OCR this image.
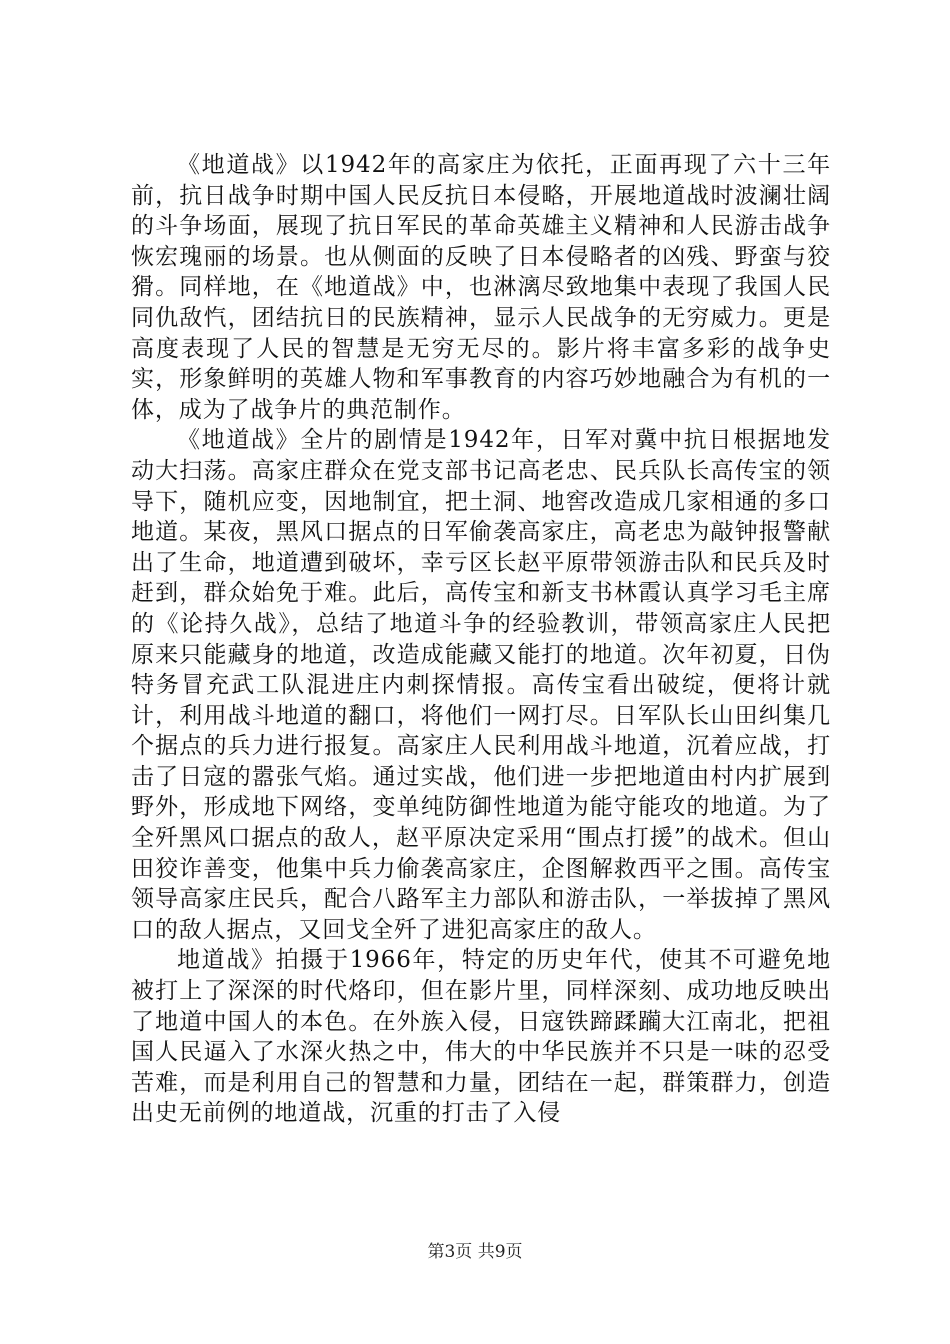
《地道战》以1942年的高家庄为依托，正面再现了六十三年前，抗日战争时期中国人民反抗日本侵略，开展地道战时波澜壮阔的斗争场面，展现了抗日军民的革命英雄主义精神和人民游击战争恢宏瑰丽的场景。也从侧面的反映了日本侵略者的凶残、野蛮与狡猾。同样地，在《地道战》中，也淋漓尽致地集中表现了我国人民同仇敌忾，团结抗日的民族精神，显示人民战争的无穷威力。更是高度表现了人民的智慧是无穷无尽的。影片将丰富多彩的战争史实，形象鲜明的英雄人物和军事教育的内容巧妙地融合为有机的一体，成为了战争片的典范制作。

《地道战》全片的剧情是1942年，日军对冀中抗日根据地发动大扫荡。高家庄群众在党支部书记高老忠、民兵队长高传宝的领导下，随机应变，因地制宜，把土洞、地窖改造成几家相通的多口地道。某夜，黑风口据点的日军偷袭高家庄，高老忠为敲钟报警献出了生命，地道遭到破坏，幸亏区长赵平原带领游击队和民兵及时赶到，群众始免于难。此后，高传宝和新支书林霞认真学习毛主席的《论持久战》，总结了地道斗争的经验教训，带领高家庄人民把原来只能藏身的地道，改造成能藏又能打的地道。次年初夏，日伪特务冒充武工队混进庄内刺探情报。高传宝看出破绽，便将计就计，利用战斗地道的翻口，将他们一网打尽。日军队长山田纠集几个据点的兵力进行报复。高家庄人民利用战斗地道，沉着应战，打击了日寇的嚣张气焰。通过实战，他们进一步把地道由村内扩展到野外，形成地下网络，变单纯防御性地道为能守能攻的地道。为了全歼黑风口据点的敌人，赵平原决定采用“围点打援”的战术。但山田狡诈善变，他集中兵力偷袭高家庄，企图解救西平之围。高传宝领导高家庄民兵，配合八路军主力部队和游击队，一举拔掉了黑风口的敌人据点，又回戈全歼了进犯高家庄的敌人。

地道战》拍摄于1966年，特定的历史年代，使其不可避免地被打上了深深的时代烙印，但在影片里，同样深刻、成功地反映出了地道中国人的本色。在外族入侵，日寇铁蹄蹂躏大江南北，把祖国人民逼入了水深火热之中，伟大的中华民族并不只是一味的忍受苦难，而是利用自己的智慧和力量，团结在一起，群策群力，创造出史无前例的地道战，沉重的打击了入侵

第3页 共9页
